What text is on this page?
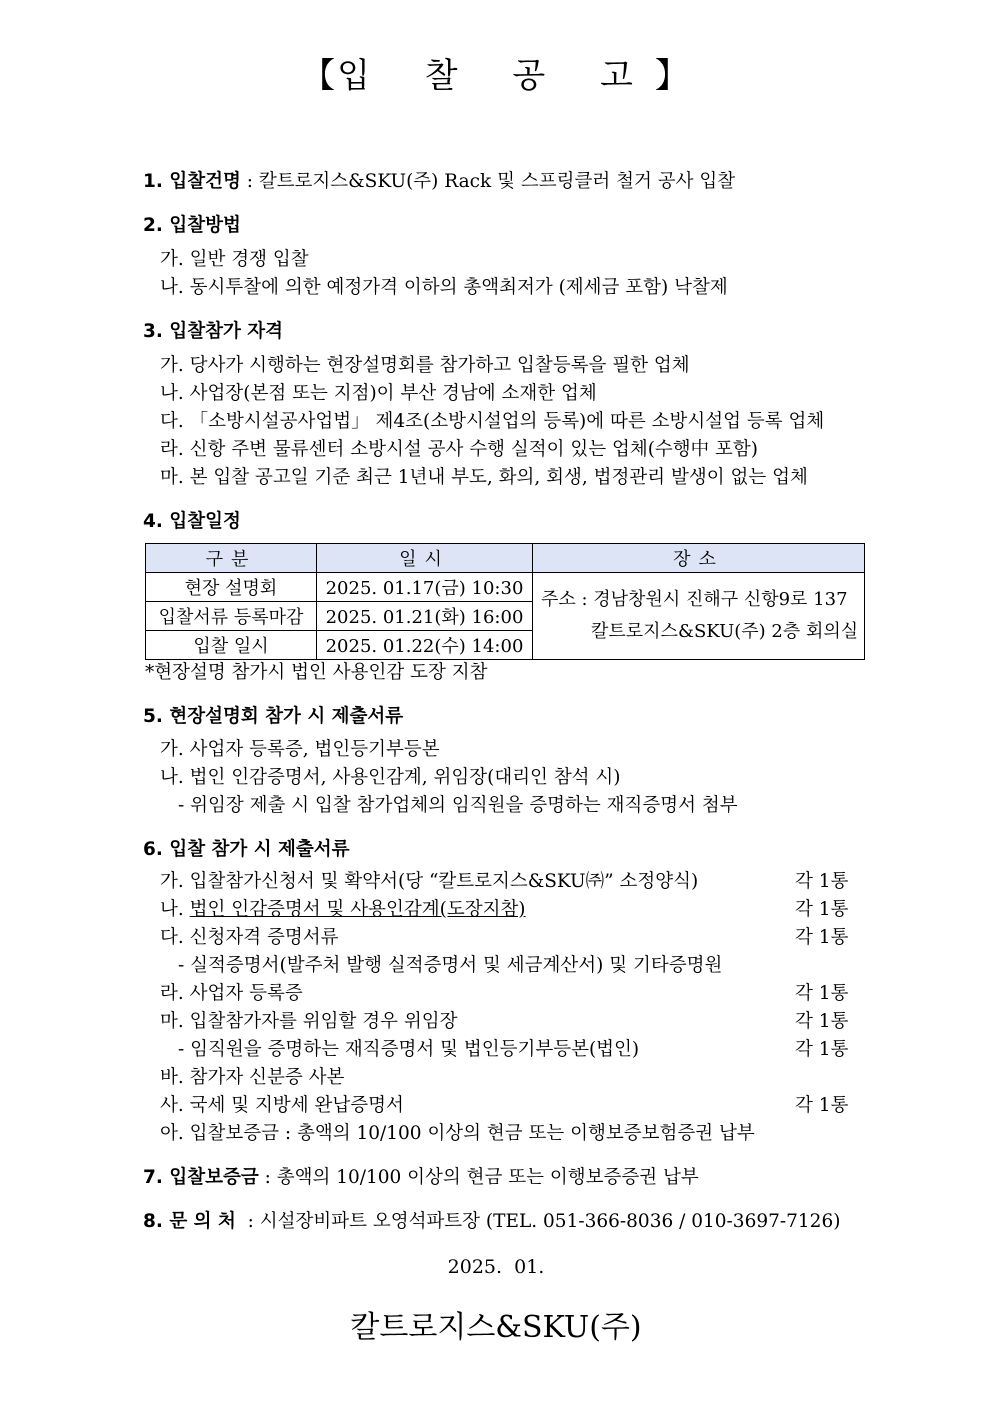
【입 찰 공 고】
1. 입찰건명 : 칼트로지스&SKU(주) Rack 및 스프링클러 철거 공사 입찰
2. 입찰방법
가. 일반 경쟁 입찰
나. 동시투찰에 의한 예정가격 이하의 총액최저가 (제세금 포함) 낙찰제
3. 입찰참가 자격
가. 당사가 시행하는 현장설명회를 참가하고 입찰등록을 필한 업체
나. 사업장(본점 또는 지점)이 부산 경남에 소재한 업체
다. 「소방시설공사업법」 제4조(소방시설업의 등록)에 따른 소방시설업 등록 업체
라. 신항 주변 물류센터 소방시설 공사 수행 실적이 있는 업체(수행中 포함)
마. 본 입찰 공고일 기준 최근 1년내 부도, 화의, 회생, 법정관리 발생이 없는 업체
4. 입찰일정
구분	일시	장소
현장 설명회	2025. 01.17(금) 10:30	주소 : 경남창원시 진해구 신항9로 137
칼트로지스&SKU(주) 2층 회의실

입찰서류 등록마감	2025. 01.21(화) 16:00	
입찰 일시	2025. 01.22(수) 14:00	
*현장설명 참가시 법인 사용인감 도장 지참
5. 현장설명회 참가 시 제출서류
가. 사업자 등록증, 법인등기부등본
나. 법인 인감증명서, 사용인감계, 위임장(대리인 참석 시)
- 위임장 제출 시 입찰 참가업체의 임직원을 증명하는 재직증명서 첨부
6. 입찰 참가 시 제출서류
가. 입찰참가신청서 및 확약서(당 “칼트로지스&SKU㈜” 소정양식)	각 1통
나. 법인 인감증명서 및 사용인감계(도장지참)	각 1통
다. 신청자격 증명서류	각 1통
- 실적증명서(발주처 발행 실적증명서 및 세금계산서) 및 기타증명원
라. 사업자 등록증	각 1통
마. 입찰참가자를 위임할 경우 위임장	각 1통
- 임직원을 증명하는 재직증명서 및 법인등기부등본(법인)	각 1통
바. 참가자 신분증 사본
사. 국세 및 지방세 완납증명서	각 1통
아. 입찰보증금 : 총액의 10/100 이상의 현금 또는 이행보증보험증권 납부
7. 입찰보증금 : 총액의 10/100 이상의 현금 또는 이행보증증권 납부
8. 문 의 처  : 시설장비파트 오영석파트장 (TEL. 051-366-8036 / 010-3697-7126)
2025.  01.
칼트로지스&SKU(주)
